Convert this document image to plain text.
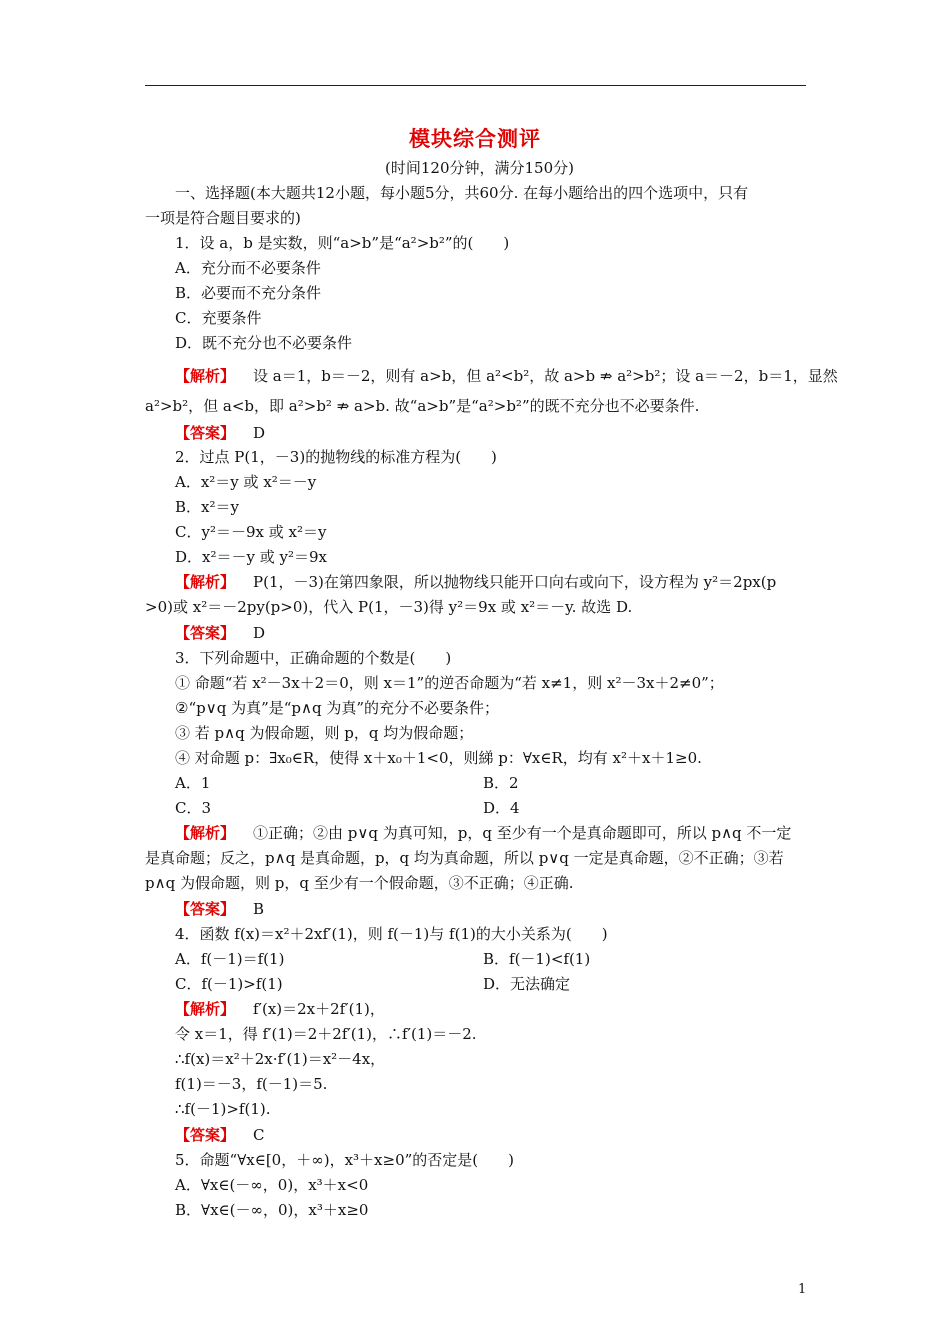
模块综合测评
(时间120分钟，满分150分)
一、选择题(本大题共12小题，每小题5分，共60分. 在每小题给出的四个选项中，只有
一项是符合题目要求的)
1．设 a，b 是实数，则“a>b”是“a²>b²”的(　　)
A．充分而不必要条件
B．必要而不充分条件
C．充要条件
D．既不充分也不必要条件
【解析】 设 a＝1，b＝－2，则有 a>b，但 a²<b²，故 a>b ⇏ a²>b²；设 a＝－2，b＝1，显然
a²>b²，但 a<b，即 a²>b² ⇏ a>b. 故“a>b”是“a²>b²”的既不充分也不必要条件.
【答案】 D
2．过点 P(1，－3)的抛物线的标准方程为(　　)
A．x²＝y 或 x²＝－y
B．x²＝y
C．y²＝－9x 或 x²＝y
D．x²＝－y 或 y²＝9x
【解析】 P(1，－3)在第四象限，所以抛物线只能开口向右或向下，设方程为 y²＝2px(p
>0)或 x²＝－2py(p>0)，代入 P(1，－3)得 y²＝9x 或 x²＝－y. 故选 D.
【答案】 D
3．下列命题中，正确命题的个数是(　　)
① 命题“若 x²－3x＋2＝0，则 x＝1”的逆否命题为“若 x≠1，则 x²－3x＋2≠0”；
②“p∨q 为真”是“p∧q 为真”的充分不必要条件；
③ 若 p∧q 为假命题，则 p，q 均为假命题；
④ 对命题 p：∃x₀∈R，使得 x＋x₀＋1<0，则綈 p：∀x∈R，均有 x²＋x＋1≥0.
A．1	B．2
C．3	D．4
【解析】 ①正确；②由 p∨q 为真可知，p，q 至少有一个是真命题即可，所以 p∧q 不一定
是真命题；反之，p∧q 是真命题，p，q 均为真命题，所以 p∨q 一定是真命题，②不正确；③若
p∧q 为假命题，则 p，q 至少有一个假命题，③不正确；④正确.
【答案】 B
4．函数 f(x)＝x²＋2xf′(1)，则 f(－1)与 f(1)的大小关系为(　　)
A．f(－1)＝f(1)	B．f(－1)<f(1)
C．f(－1)>f(1)	D．无法确定
【解析】 f′(x)＝2x＋2f′(1)，
令 x＝1，得 f′(1)＝2＋2f′(1)，∴f′(1)＝－2.
∴f(x)＝x²＋2x·f′(1)＝x²－4x，
f(1)＝－3，f(－1)＝5.
∴f(－1)>f(1).
【答案】 C
5．命题“∀x∈[0，＋∞)，x³＋x≥0”的否定是(　　)
A．∀x∈(－∞，0)，x³＋x<0
B．∀x∈(－∞，0)，x³＋x≥0
1
